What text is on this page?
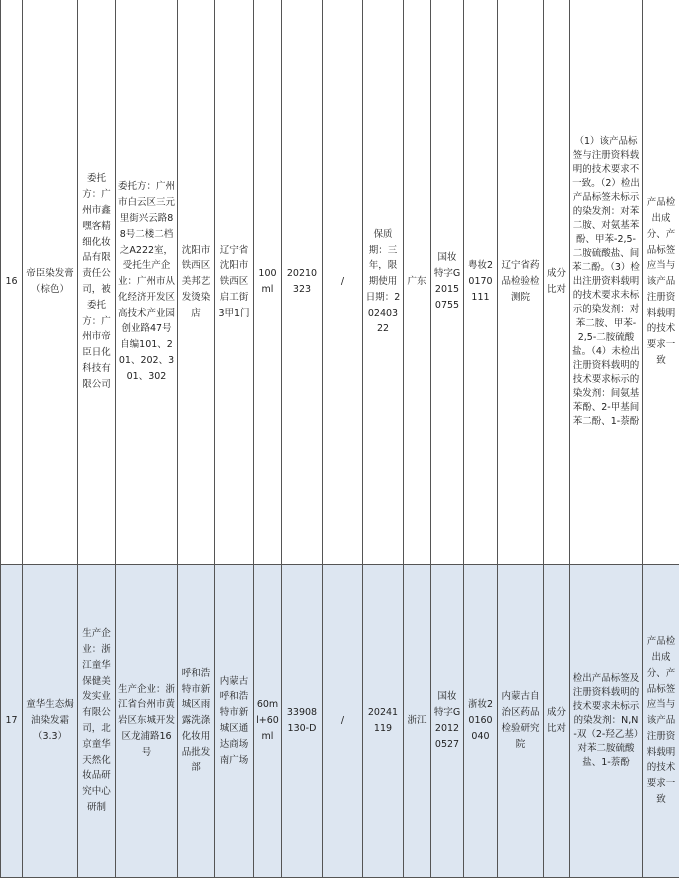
16	帝臣染发膏（棕色）	委托方：广州市鑫嘿客精细化妆品有限责任公司，被委托方：广州市帝臣日化科技有限公司	委托方：广州市白云区三元里街兴云路88号二楼二档之A222室，受托生产企业：广州市从化经济开发区高技术产业园创业路47号自编101、201、202、301、302	沈阳市铁西区美邦艺发烫染店	辽宁省沈阳市铁西区启工街3甲1门	100ml	20210323	/	保质期：三年，限期使用日期：20240322	广东	国妆特字G20150755	粤妆20170111	辽宁省药品检验检测院	成分比对	（1）该产品标签与注册资料载明的技术要求不一致。（2）检出产品标签未标示的染发剂：对苯二胺、对氨基苯酚、甲苯-2,5-二胺硫酸盐、间苯二酚。（3）检出注册资料载明的技术要求未标示的染发剂：对苯二胺、甲苯-2,5-二胺硫酸盐。（4）未检出注册资料载明的技术要求标示的染发剂：间氨基苯酚、2-甲基间苯二酚、1-萘酚	产品检出成分、产品标签应当与该产品注册资料载明的技术要求一致
17	童华生态焗油染发霜（3.3）	生产企业：浙江童华保健美发实业有限公司，北京童华天然化妆品研究中心研制	生产企业：浙江省台州市黄岩区东城开发区龙浦路16号	呼和浩特市新城区雨露洗涤化妆用品批发部	内蒙古呼和浩特市新城区通达商场南广场	60ml+60ml	33908130-D	/	20241119	浙江	国妆特字G20120527	浙妆20160040	内蒙古自治区药品检验研究院	成分比对	检出产品标签及注册资料载明的技术要求未标示的染发剂：N,N-双（2-羟乙基）对苯二胺硫酸盐、1-萘酚	产品检出成分、产品标签应当与该产品注册资料载明的技术要求一致
